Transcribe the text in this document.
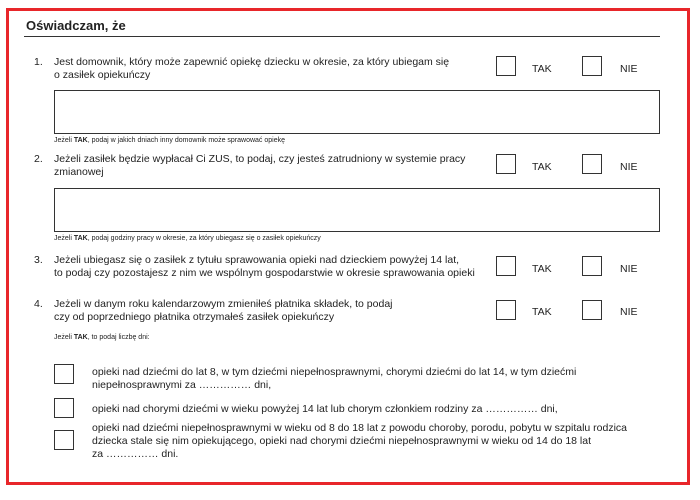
Oświadczam, że
1. Jest domownik, który może zapewnić opiekę dziecku w okresie, za który ubiegam się
o zasiłek opiekuńczy	TAK	NIE
Jeżeli TAK, podaj w jakich dniach inny domownik może sprawować opiekę
2. Jeżeli zasiłek będzie wypłacał Ci ZUS, to podaj, czy jesteś zatrudniony w systemie pracy
zmianowej	TAK	NIE
Jeżeli TAK, podaj godziny pracy w okresie, za który ubiegasz się o zasiłek opiekuńczy
3. Jeżeli ubiegasz się o zasiłek z tytułu sprawowania opieki nad dzieckiem powyżej 14 lat,
to podaj czy pozostajesz z nim we wspólnym gospodarstwie w okresie sprawowania opieki	TAK	NIE
4. Jeżeli w danym roku kalendarzowym zmieniłeś płatnika składek, to podaj
czy od poprzedniego płatnika otrzymałeś zasiłek opiekuńczy	TAK	NIE
Jeżeli TAK, to podaj liczbę dni:
opieki nad dziećmi do lat 8, w tym dziećmi niepełnosprawnymi, chorymi dziećmi do lat 14, w tym dziećmi
niepełnosprawnymi za …………… dni,
opieki nad chorymi dziećmi w wieku powyżej 14 lat lub chorym członkiem rodziny za …………… dni,
opieki nad dziećmi niepełnosprawnymi w wieku od 8 do 18 lat z powodu choroby, porodu, pobytu w szpitalu rodzica
dziecka stale się nim opiekującego, opieki nad chorymi dziećmi niepełnosprawnymi w wieku od 14 do 18 lat
za …………… dni.
